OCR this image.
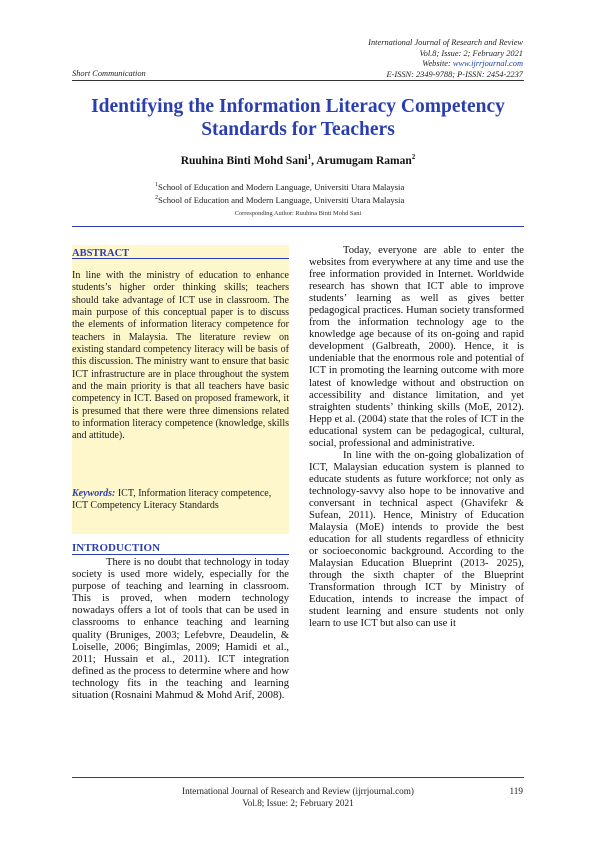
International Journal of Research and Review
Vol.8; Issue: 2; February 2021
Website: www.ijrrjournal.com
E-ISSN: 2349-9788; P-ISSN: 2454-2237
Short Communication
Identifying the Information Literacy Competency Standards for Teachers
Ruuhina Binti Mohd Sani$^1$, Arumugam Raman$^2$
$^1$School of Education and Modern Language, Universiti Utara Malaysia
$^2$School of Education and Modern Language, Universiti Utara Malaysia
Corresponding Author: Ruuhina Binti Mohd Sani
ABSTRACT
In line with the ministry of education to enhance students’s higher order thinking skills; teachers should take advantage of ICT use in classroom. The main purpose of this conceptual paper is to discuss the elements of information literacy competence for teachers in Malaysia. The literature review on existing standard competency literacy will be basis of this discussion. The ministry want to ensure that basic ICT infrastructure are in place throughout the system and the main priority is that all teachers have basic competency in ICT. Based on proposed framework, it is presumed that there were three dimensions related to information literacy competence (knowledge, skills and attitude).
Keywords: ICT, Information literacy competence, ICT Competency Literacy Standards
INTRODUCTION

There is no doubt that technology in today society is used more widely, especially for the purpose of teaching and learning in classroom. This is proved, when modern technology nowadays offers a lot of tools that can be used in classrooms to enhance teaching and learning quality (Bruniges, 2003; Lefebvre, Deaudelin, & Loiselle, 2006; Bingimlas, 2009; Hamidi et al., 2011; Hussain et al., 2011). ICT integration defined as the process to determine where and how technology fits in the teaching and learning situation (Rosnaini Mahmud & Mohd Arif, 2008).

Today, everyone are able to enter the websites from everywhere at any time and use the free information provided in Internet. Worldwide research has shown that ICT able to improve students’ learning as well as gives better pedagogical practices. Human society transformed from the information technology age to the knowledge age because of its on-going and rapid development (Galbreath, 2000). Hence, it is undeniable that the enormous role and potential of ICT in promoting the learning outcome with more latest of knowledge without and obstruction on accessibility and distance limitation, and yet straighten students’ thinking skills (MoE, 2012). Hepp et al. (2004) state that the roles of ICT in the educational system can be pedagogical, cultural, social, professional and administrative.

In line with the on-going globalization of ICT, Malaysian education system is planned to educate students as future workforce; not only as technology-savvy also hope to be innovative and conversant in technical aspect (Ghavifekr & Sufean, 2011). Hence, Ministry of Education Malaysia (MoE) intends to provide the best education for all students regardless of ethnicity or socioeconomic background. According to the Malaysian Education Blueprint (2013- 2025), through the sixth chapter of the Blueprint Transformation through ICT by Ministry of Education, intends to increase the impact of student learning and ensure students not only learn to use ICT but also can use it

International Journal of Research and Review (ijrrjournal.com)
Vol.8; Issue: 2; February 2021
119
